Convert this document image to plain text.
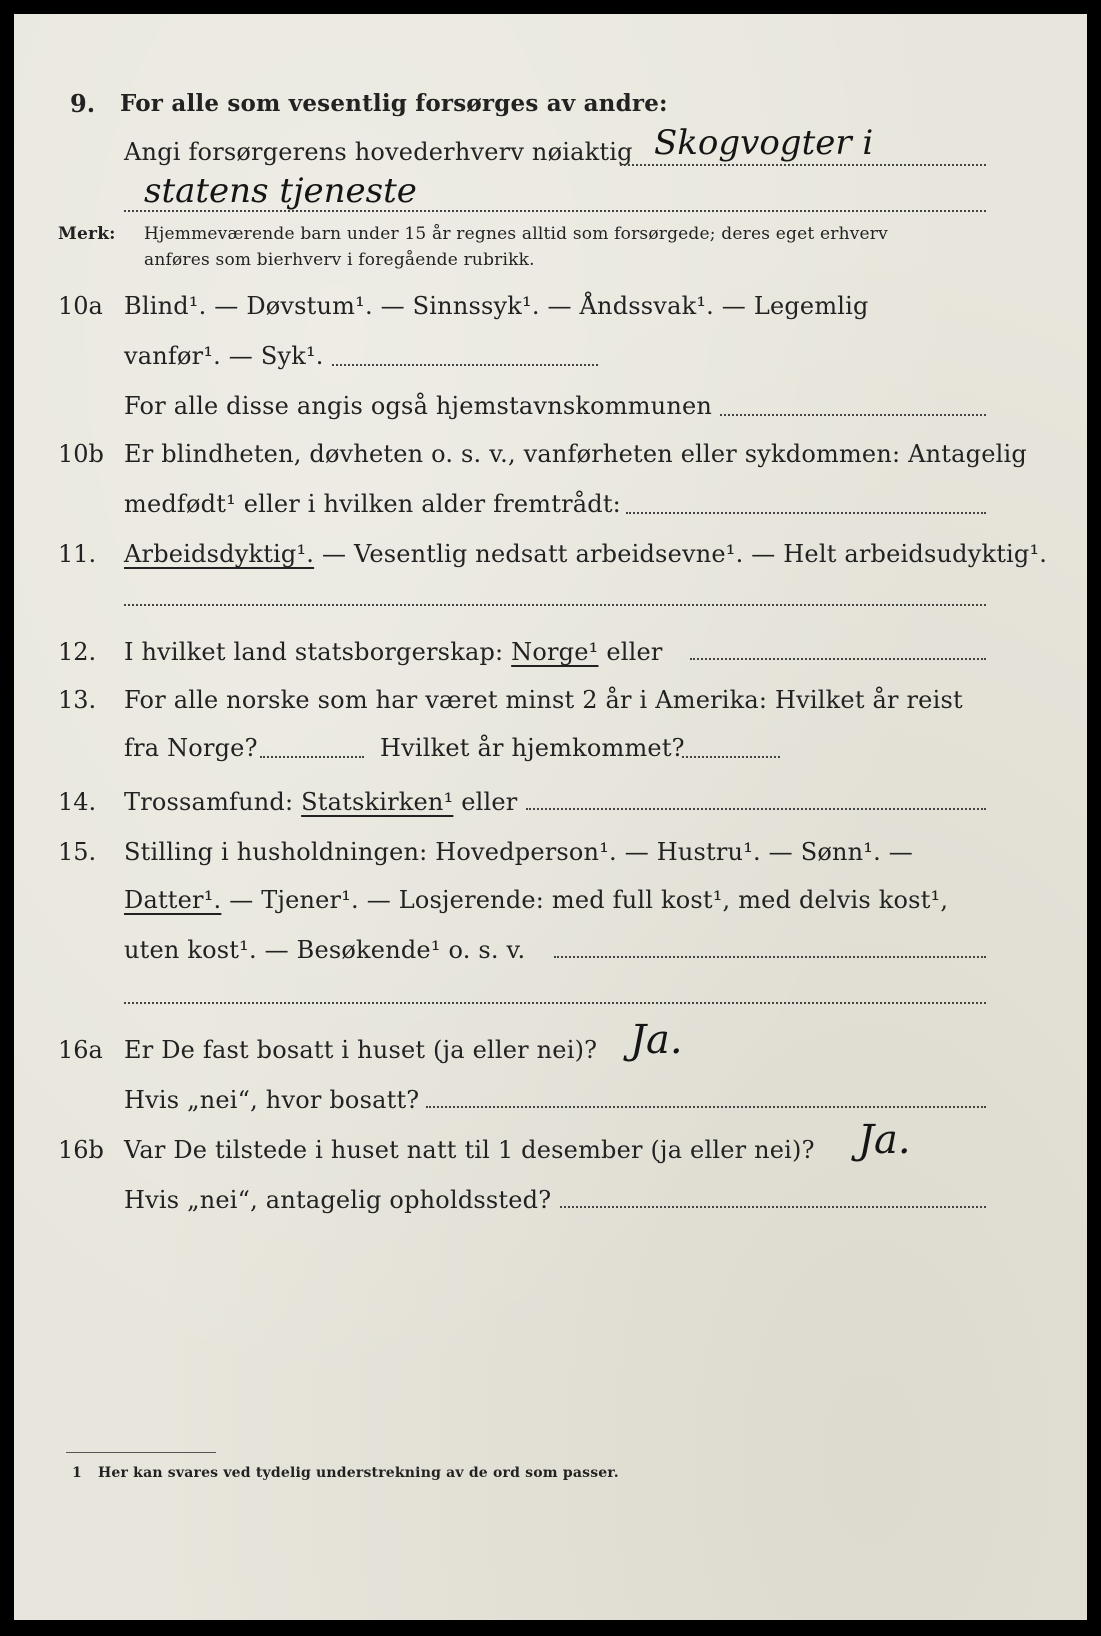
9. For alle som vesentlig forsørges av andre:
Angi forsørgerens hovederhverv nøiaktig Skogvogter i
statens tjeneste
Merk: Hjemmeværende barn under 15 år regnes alltid som forsørgede; deres eget erhverv
anføres som bierhverv i foregående rubrikk.
10a Blind¹. — Døvstum¹. — Sinnssyk¹. — Åndssvak¹. — Legemlig
vanfør¹. — Syk¹.
For alle disse angis også hjemstavnskommunen
10b Er blindheten, døvheten o. s. v., vanførheten eller sykdommen: Antagelig
medfødt¹ eller i hvilken alder fremtrådt:
11. Arbeidsdyktig¹. — Vesentlig nedsatt arbeidsevne¹. — Helt arbeidsudyktig¹.
12. I hvilket land statsborgerskap: Norge¹ eller
13. For alle norske som har været minst 2 år i Amerika: Hvilket år reist
fra Norge?	Hvilket år hjemkommet?
14. Trossamfund: Statskirken¹ eller
15. Stilling i husholdningen: Hovedperson¹. — Hustru¹. — Sønn¹. —
Datter¹. — Tjener¹. — Losjerende: med full kost¹, med delvis kost¹,
uten kost¹. — Besøkende¹ o. s. v.
16a Er De fast bosatt i huset (ja eller nei)? Ja.
Hvis „nei“, hvor bosatt?
16b Var De tilstede i huset natt til 1 desember (ja eller nei)? Ja.
Hvis „nei“, antagelig opholdssted?
1 Her kan svares ved tydelig understrekning av de ord som passer.
